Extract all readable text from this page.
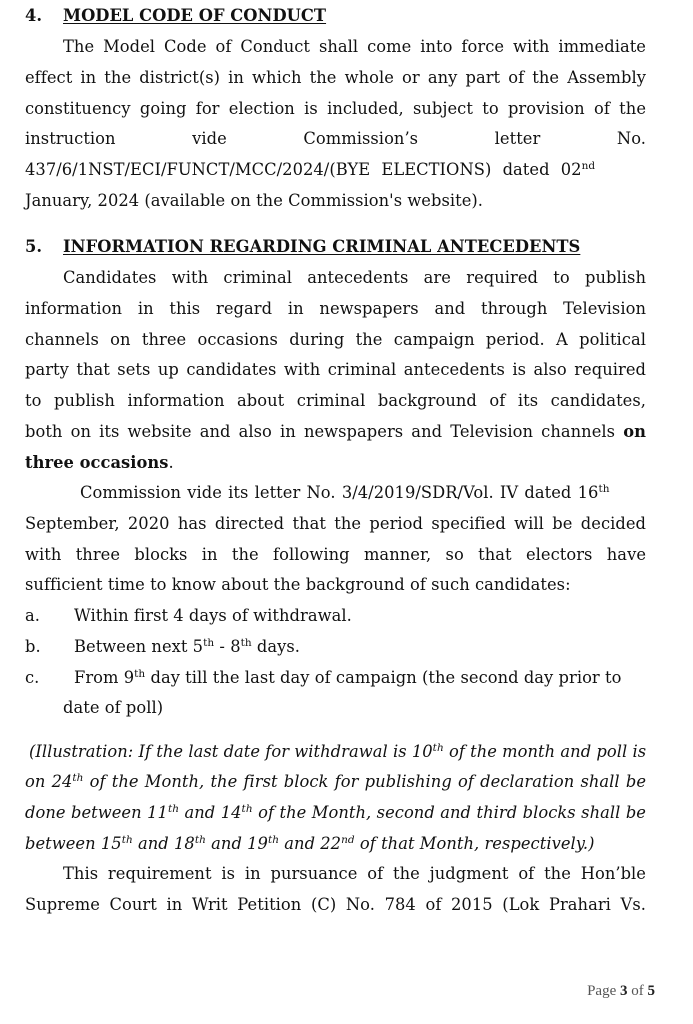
4. MODEL CODE OF CONDUCT
The Model Code of Conduct shall come into force with immediate
effect in the district(s) in which the whole or any part of the Assembly
constituency going for election is included, subject to provision of the
instruction vide Commission’s letter No.
437/6/1NST/ECI/FUNCT/MCC/2024/(BYE ELECTIONS) dated 02nd
January, 2024 (available on the Commission's website).
5. INFORMATION REGARDING CRIMINAL ANTECEDENTS
Candidates with criminal antecedents are required to publish
information in this regard in newspapers and through Television
channels on three occasions during the campaign period. A political
party that sets up candidates with criminal antecedents is also required
to publish information about criminal background of its candidates,
both on its website and also in newspapers and Television channels on
three occasions.
Commission vide its letter No. 3/4/2019/SDR/Vol. IV dated 16th
September, 2020 has directed that the period specified will be decided
with three blocks in the following manner, so that electors have
sufficient time to know about the background of such candidates:
a. Within first 4 days of withdrawal.
b. Between next 5th - 8th days.
c. From 9th day till the last day of campaign (the second day prior to
date of poll)
(Illustration: If the last date for withdrawal is 10th of the month and poll is
on 24th of the Month, the first block for publishing of declaration shall be
done between 11th and 14th of the Month, second and third blocks shall be
between 15th and 18th and 19th and 22nd of that Month, respectively.)
This requirement is in pursuance of the judgment of the Hon’ble
Supreme Court in Writ Petition (C) No. 784 of 2015 (Lok Prahari Vs.
Page 3 of 5
